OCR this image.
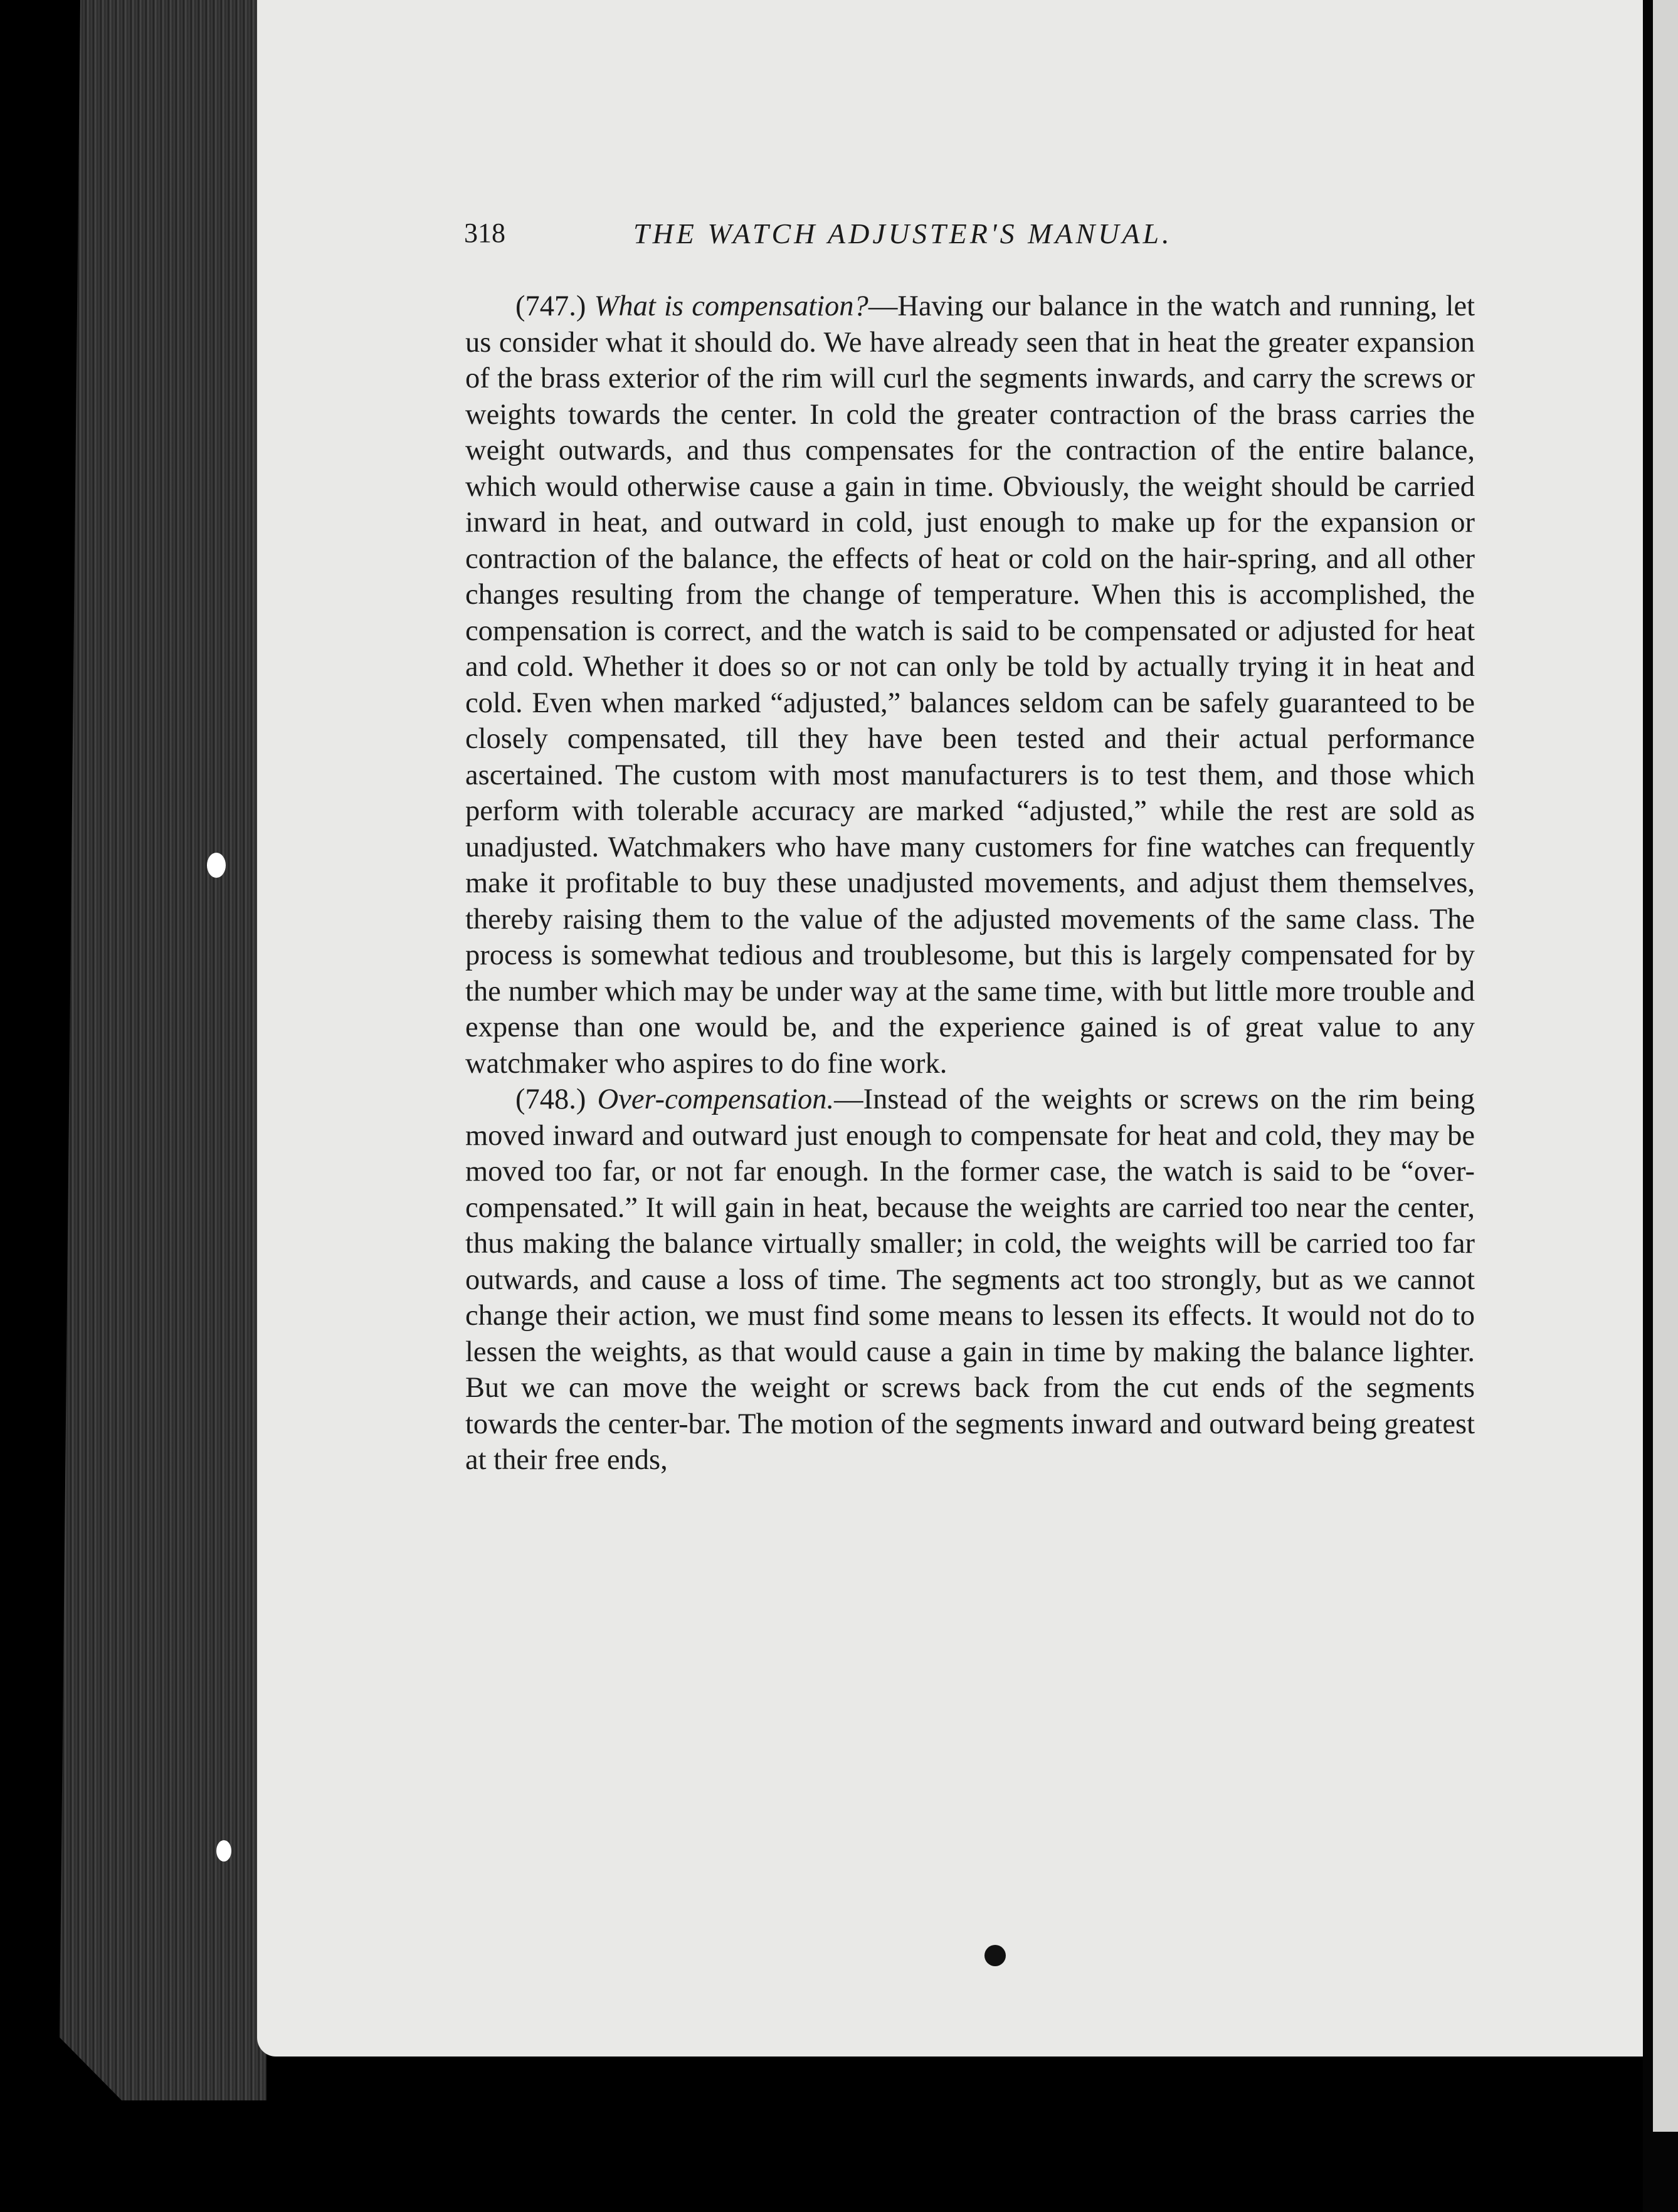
318	THE WATCH ADJUSTER'S MANUAL.

(747.) What is compensation?—Having our balance in the watch and running, let us consider what it should do. We have already seen that in heat the greater expansion of the brass exterior of the rim will curl the segments inwards, and carry the screws or weights towards the center. In cold the greater contraction of the brass carries the weight outwards, and thus compensates for the contraction of the entire balance, which would otherwise cause a gain in time. Obviously, the weight should be carried inward in heat, and outward in cold, just enough to make up for the expansion or contraction of the balance, the effects of heat or cold on the hair-spring, and all other changes resulting from the change of temperature. When this is accomplished, the compensation is correct, and the watch is said to be compensated or adjusted for heat and cold. Whether it does so or not can only be told by actually trying it in heat and cold. Even when marked “adjusted,” balances seldom can be safely guaranteed to be closely compensated, till they have been tested and their actual performance ascertained. The custom with most manufacturers is to test them, and those which perform with tolerable accuracy are marked “adjusted,” while the rest are sold as unadjusted. Watchmakers who have many customers for fine watches can frequently make it profitable to buy these unadjusted movements, and adjust them themselves, thereby raising them to the value of the adjusted movements of the same class. The process is somewhat tedious and troublesome, but this is largely compensated for by the number which may be under way at the same time, with but little more trouble and expense than one would be, and the experience gained is of great value to any watchmaker who aspires to do fine work.

(748.) Over-compensation.—Instead of the weights or screws on the rim being moved inward and outward just enough to compensate for heat and cold, they may be moved too far, or not far enough. In the former case, the watch is said to be “over-compensated.” It will gain in heat, because the weights are carried too near the center, thus making the balance virtually smaller; in cold, the weights will be carried too far outwards, and cause a loss of time. The segments act too strongly, but as we cannot change their action, we must find some means to lessen its effects. It would not do to lessen the weights, as that would cause a gain in time by making the balance lighter. But we can move the weight or screws back from the cut ends of the segments towards the center-bar. The motion of the segments inward and outward being greatest at their free ends,
